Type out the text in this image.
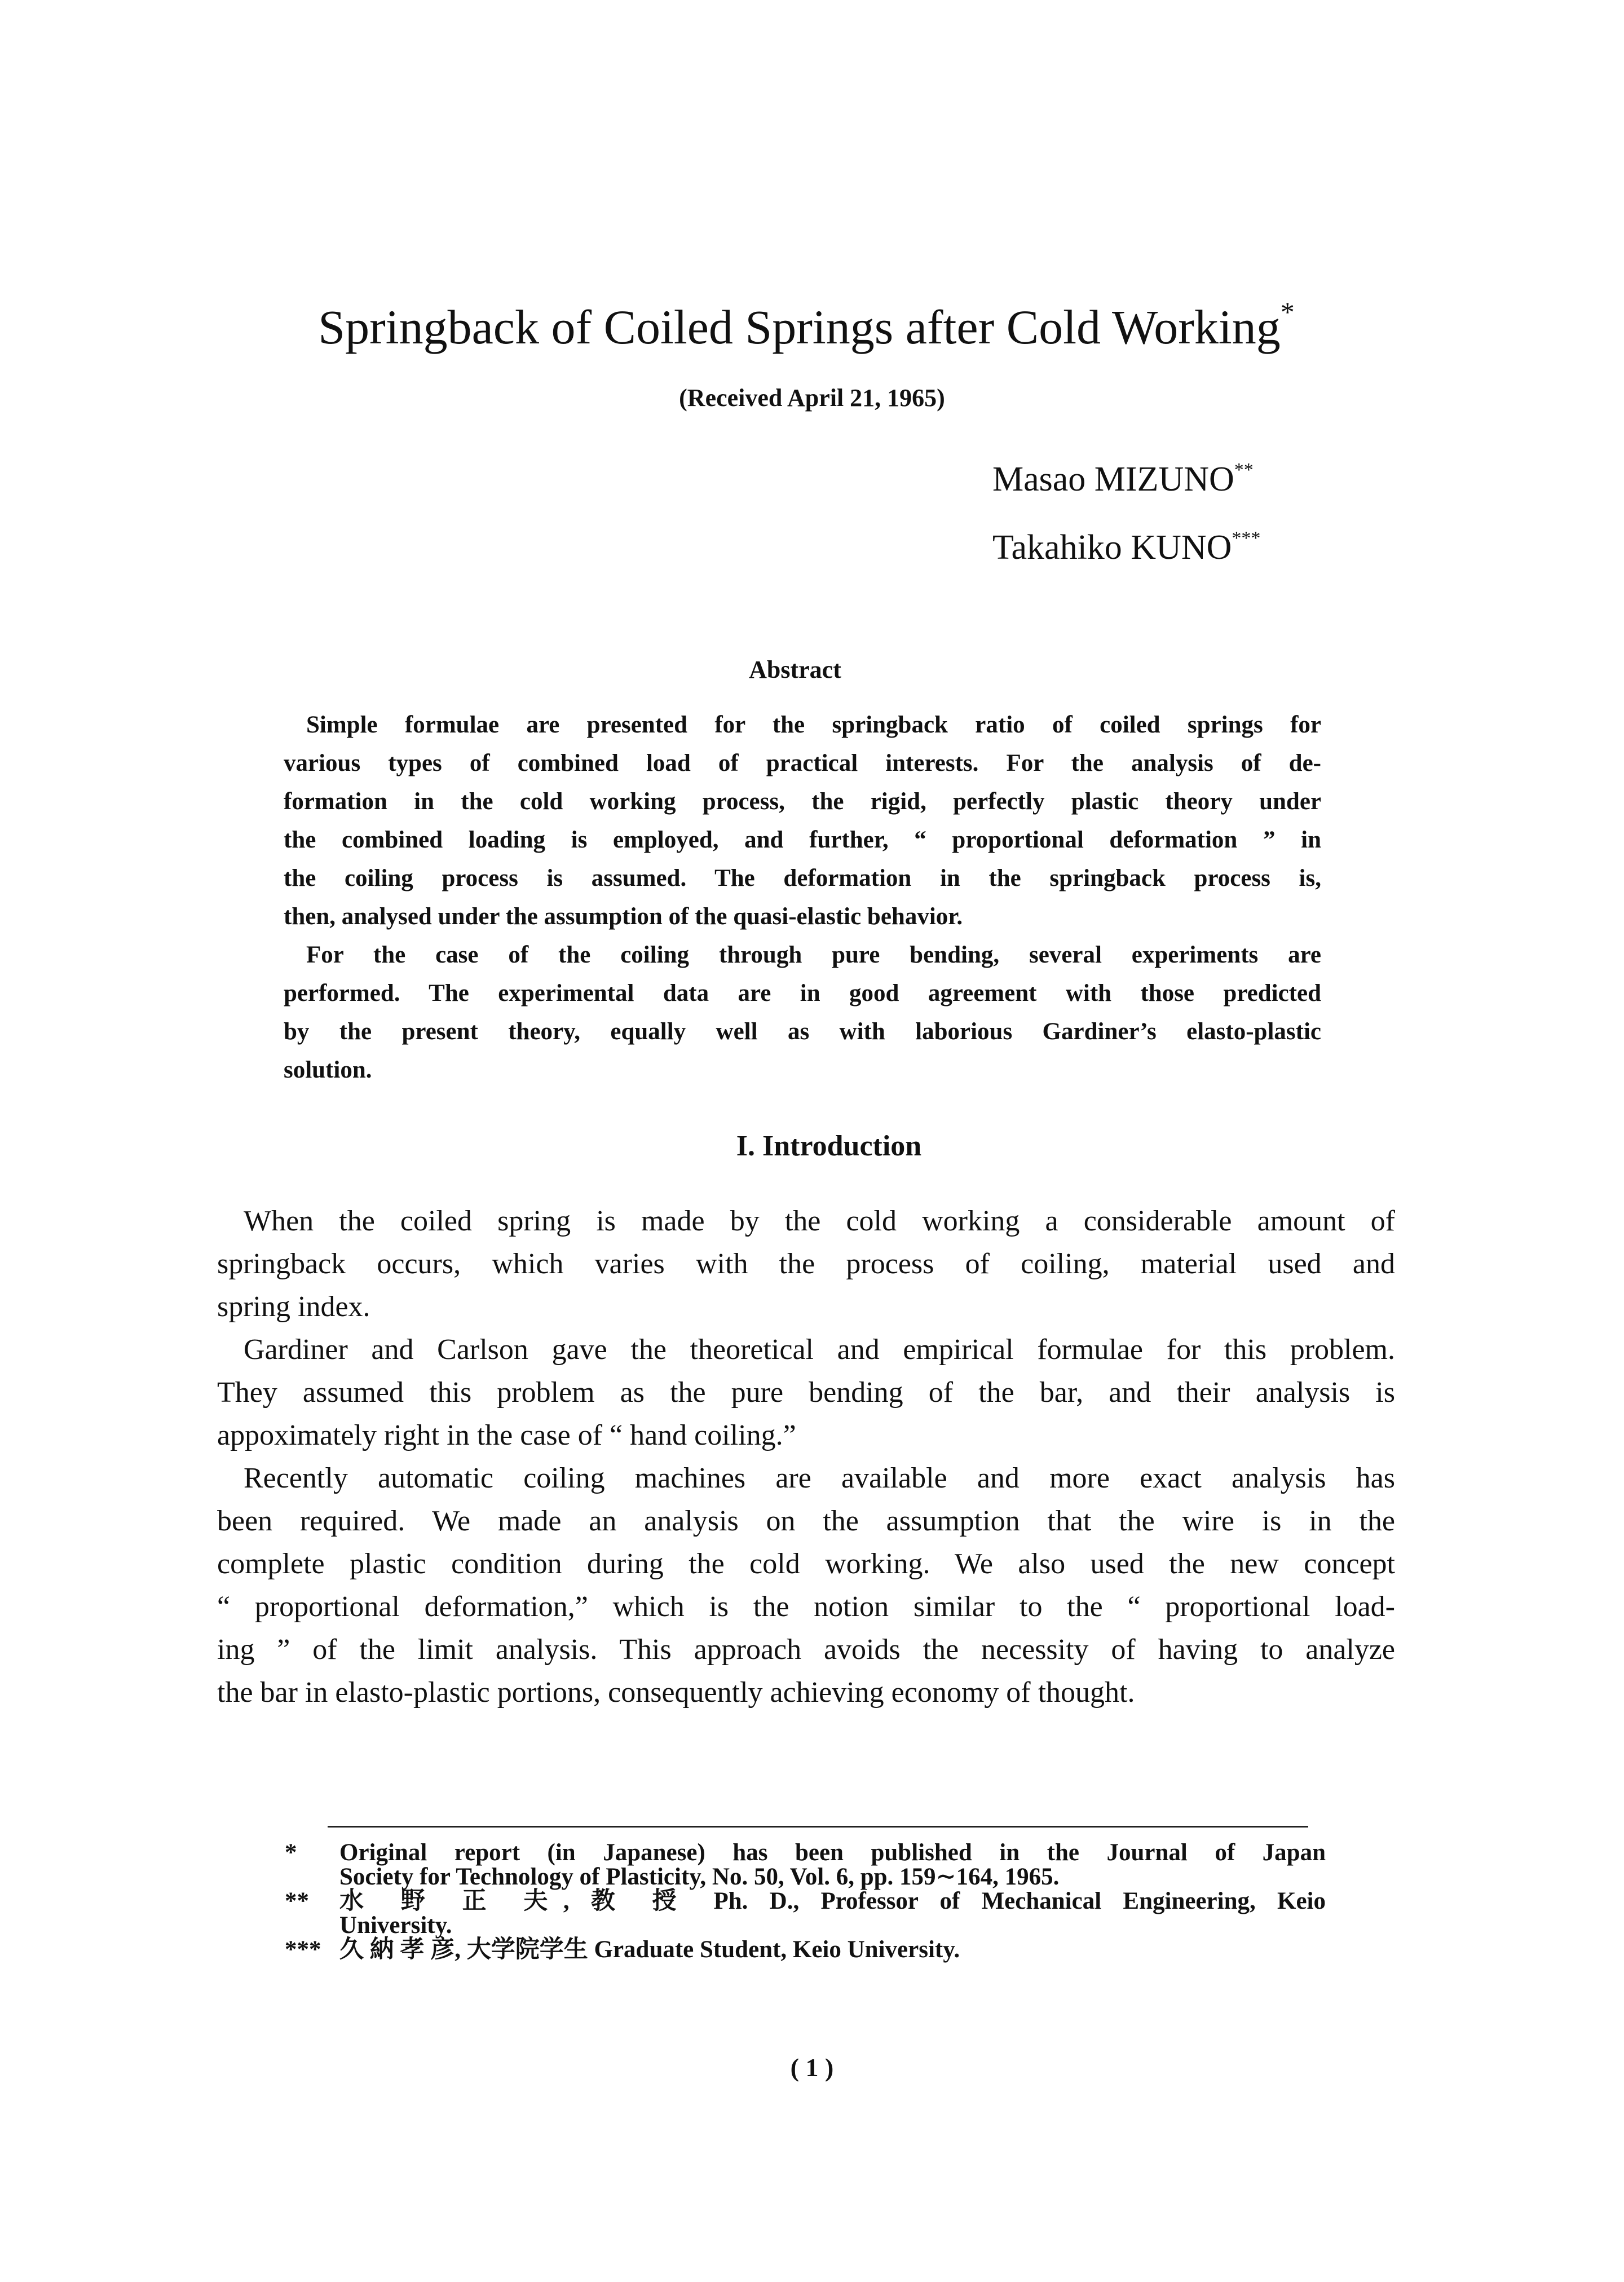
Springback of Coiled Springs after Cold Working*
(Received April 21, 1965)
Masao MIZUNO**
Takahiko KUNO***
Abstract
Simple formulae are presented for the springback ratio of coiled springs for
various types of combined load of practical interests. For the analysis of de-
formation in the cold working process, the rigid, perfectly plastic theory under
the combined loading is employed, and further, “ proportional deformation ” in
the coiling process is assumed. The deformation in the springback process is,
then, analysed under the assumption of the quasi-elastic behavior.
For the case of the coiling through pure bending, several experiments are
performed. The experimental data are in good agreement with those predicted
by the present theory, equally well as with laborious Gardiner’s elasto-plastic
solution.
I. Introduction
When the coiled spring is made by the cold working a considerable amount of
springback occurs, which varies with the process of coiling, material used and
spring index.
Gardiner and Carlson gave the theoretical and empirical formulae for this problem.
They assumed this problem as the pure bending of the bar, and their analysis is
appoximately right in the case of “ hand coiling.”
Recently automatic coiling machines are available and more exact analysis has
been required. We made an analysis on the assumption that the wire is in the
complete plastic condition during the cold working. We also used the new concept
“ proportional deformation,” which is the notion similar to the “ proportional load-
ing ” of the limit analysis. This approach avoids the necessity of having to analyze
the bar in elasto-plastic portions, consequently achieving economy of thought.
* Original report (in Japanese) has been published in the Journal of Japan
Society for Technology of Plasticity, No. 50, Vol. 6, pp. 159∼164, 1965.
** 水 野 正 夫, 教 授 Ph. D., Professor of Mechanical Engineering, Keio
University.
*** 久 納 孝 彦, 大学院学生 Graduate Student, Keio University.
( 1 )
